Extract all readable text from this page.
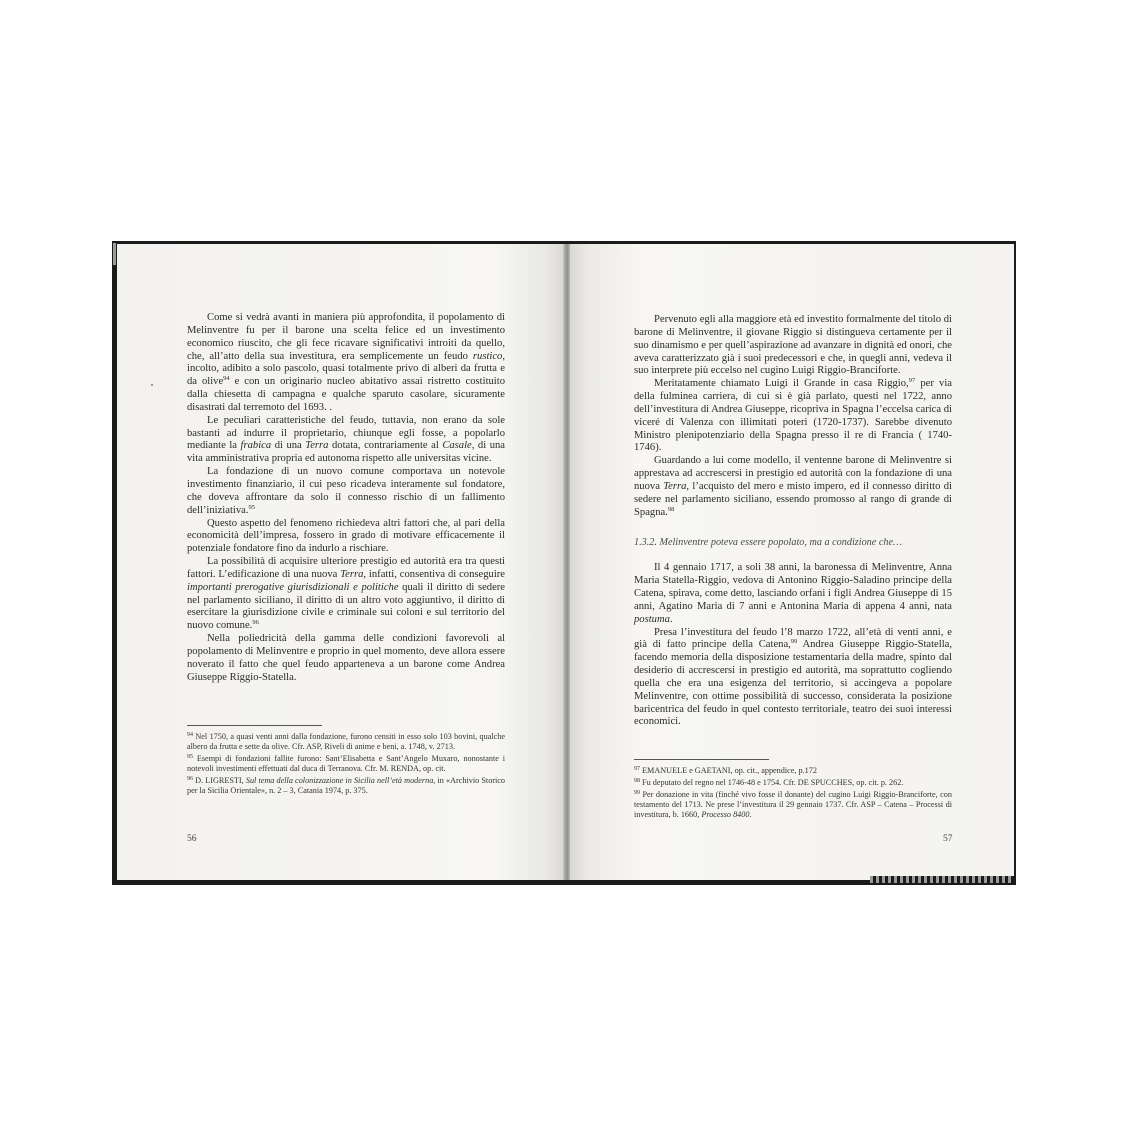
Come si vedrà avanti in maniera più approfondita, il popolamento di Melinventre fu per il barone una scelta felice ed un investimento economico riuscito, che gli fece ricavare significativi introiti da quello, che, all’atto della sua investitura, era semplicemente un feudo rustico, incolto, adibito a solo pascolo, quasi totalmente privo di alberi da frutta e da olive$^{94}$ e con un originario nucleo abitativo assai ristretto costituito dalla chiesetta di campagna e qualche sparuto casolare, sicuramente disastrati dal terremoto del 1693. .

Le peculiari caratteristiche del feudo, tuttavia, non erano da sole bastanti ad indurre il proprietario, chiunque egli fosse, a popolarlo mediante la frabica di una Terra dotata, contrariamente al Casale, di una vita amministrativa propria ed autonoma rispetto alle universitas vicine.

La fondazione di un nuovo comune comportava un notevole investimento finanziario, il cui peso ricadeva interamente sul fondatore, che doveva affrontare da solo il connesso rischio di un fallimento dell’iniziativa.$^{95}$

Questo aspetto del fenomeno richiedeva altri fattori che, al pari della economicità dell’impresa, fossero in grado di motivare efficacemente il potenziale fondatore fino da indurlo a rischiare.

La possibilità di acquisire ulteriore prestigio ed autorità era tra questi fattori. L’edificazione di una nuova Terra, infatti, consentiva di conseguire importanti prerogative giurisdizionali e politiche quali il diritto di sedere nel parlamento siciliano, il diritto di un altro voto aggiuntivo, il diritto di esercitare la giurisdizione civile e criminale sui coloni e sul territorio del nuovo comune.$^{96}$

Nella poliedricità della gamma delle condizioni favorevoli al popolamento di Melinventre e proprio in quel momento, deve allora essere noverato il fatto che quel feudo apparteneva a un barone come Andrea Giuseppe Riggio-Statella.

$^{94}$ Nel 1750, a quasi venti anni dalla fondazione, furono censiti in esso solo 103 bovini, qualche albero da frutta e sette da olive. Cfr. ASP, Riveli di anime e beni, a. 1748, v. 2713.

$^{95}$ Esempi di fondazioni fallite furono: Sant’Elisabetta e Sant’Angelo Muxaro, nonostante i notevoli investimenti effettuati dal duca di Terranova. Cfr. M. RENDA, op. cit.

$^{96}$ D. LIGRESTI, Sul tema della colonizzazione in Sicilia nell’età moderna, in «Archivio Storico per la Sicilia Orientale», n. 2 – 3, Catania 1974, p. 375.

56

Pervenuto egli alla maggiore età ed investito formalmente del titolo di barone di Melinventre, il giovane Riggio si distingueva certamente per il suo dinamismo e per quell’aspirazione ad avanzare in dignità ed onori, che aveva caratterizzato già i suoi predecessori e che, in quegli anni, vedeva il suo interprete più eccelso nel cugino Luigi Riggio-Branciforte.

Meritatamente chiamato Luigi il Grande in casa Riggio,$^{97}$ per via della fulminea carriera, di cui si è già parlato, questi nel 1722, anno dell’investitura di Andrea Giuseppe, ricopriva in Spagna l’eccelsa carica di viceré di Valenza con illimitati poteri (1720-1737). Sarebbe divenuto Ministro plenipotenziario della Spagna presso il re di Francia ( 1740-1746).

Guardando a lui come modello, il ventenne barone di Melinventre si apprestava ad accrescersi in prestigio ed autorità con la fondazione di una nuova Terra, l’acquisto del mero e misto impero, ed il connesso diritto di sedere nel parlamento siciliano, essendo promosso al rango di grande di Spagna.$^{98}$

1.3.2. Melinventre poteva essere popolato, ma a condizione che…

Il 4 gennaio 1717, a soli 38 anni, la baronessa di Melinventre, Anna Maria Statella-Riggio, vedova di Antonino Riggio-Saladino principe della Catena, spirava, come detto, lasciando orfani i figli Andrea Giuseppe di 15 anni, Agatino Maria di 7 anni e Antonina Maria di appena 4 anni, nata postuma.

Presa l’investitura del feudo l’8 marzo 1722, all’età di venti anni, e già di fatto principe della Catena,$^{99}$ Andrea Giuseppe Riggio-Statella, facendo memoria della disposizione testamentaria della madre, spinto dal desiderio di accrescersi in prestigio ed autorità, ma soprattutto cogliendo quella che era una esigenza del territorio, si accingeva a popolare Melinventre, con ottime possibilità di successo, considerata la posizione baricentrica del feudo in quel contesto territoriale, teatro dei suoi interessi economici.

$^{97}$ EMANUELE e GAETANI, op. cit., appendice, p.172

$^{98}$ Fu deputato del regno nel 1746-48 e 1754. Cfr. DE SPUCCHES, op. cit. p. 262.

$^{99}$ Per donazione in vita (finché vivo fosse il donante) del cugino Luigi Riggio-Branciforte, con testamento del 1713. Ne prese l’investitura il 29 gennaio 1737. Cfr. ASP – Catena – Processi di investitura, b. 1660, Processo 8400.

57
